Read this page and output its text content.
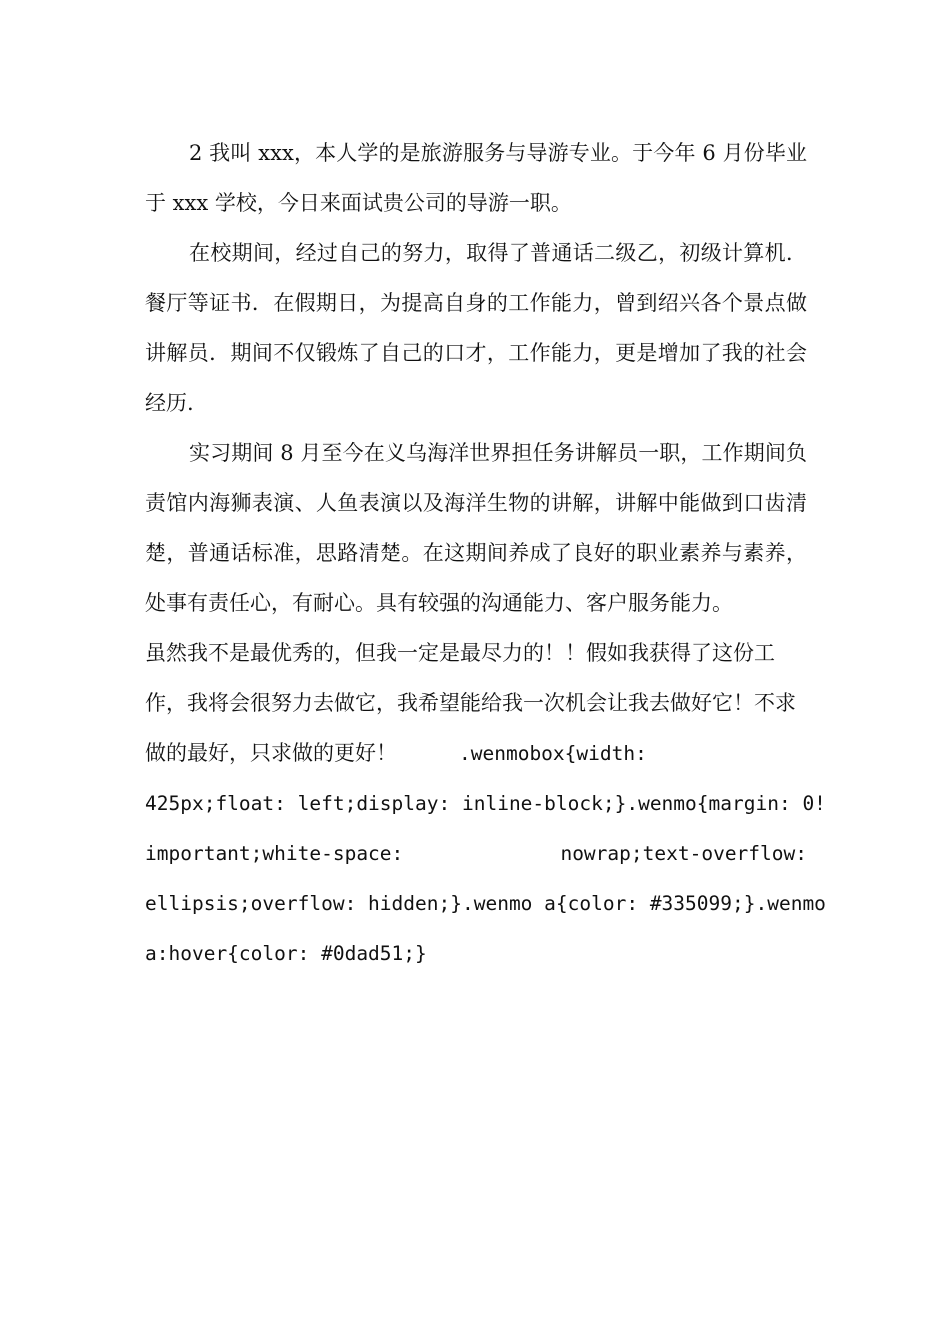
2 我叫 xxx，本人学的是旅游服务与导游专业。于今年 6 月份毕业于 xxx 学校，今日来面试贵公司的导游一职。

在校期间，经过自己的努力，取得了普通话二级乙，初级计算机．餐厅等证书．在假期日，为提高自身的工作能力，曾到绍兴各个景点做讲解员．期间不仅锻炼了自己的口才，工作能力，更是增加了我的社会经历.

实习期间 8 月至今在义乌海洋世界担任务讲解员一职，工作期间负责馆内海狮表演、人鱼表演以及海洋生物的讲解，讲解中能做到口齿清楚，普通话标准，思路清楚。在这期间养成了良好的职业素养与素养，处事有责任心，有耐心。具有较强的沟通能力、客户服务能力。

虽然我不是最优秀的，但我一定是最尽力的！！假如我获得了这份工作，我将会很努力去做它，我希望能给我一次机会让我去做好它！不求做的最好，只求做的更好！	.wenmobox{width:
425px;float: left;display: inline-block;}.wenmo{margin: 0!
important;white-space:	nowrap;text-overflow:
ellipsis;overflow: hidden;}.wenmo a{color: #335099;}.wenmo
a:hover{color: #0dad51;}
